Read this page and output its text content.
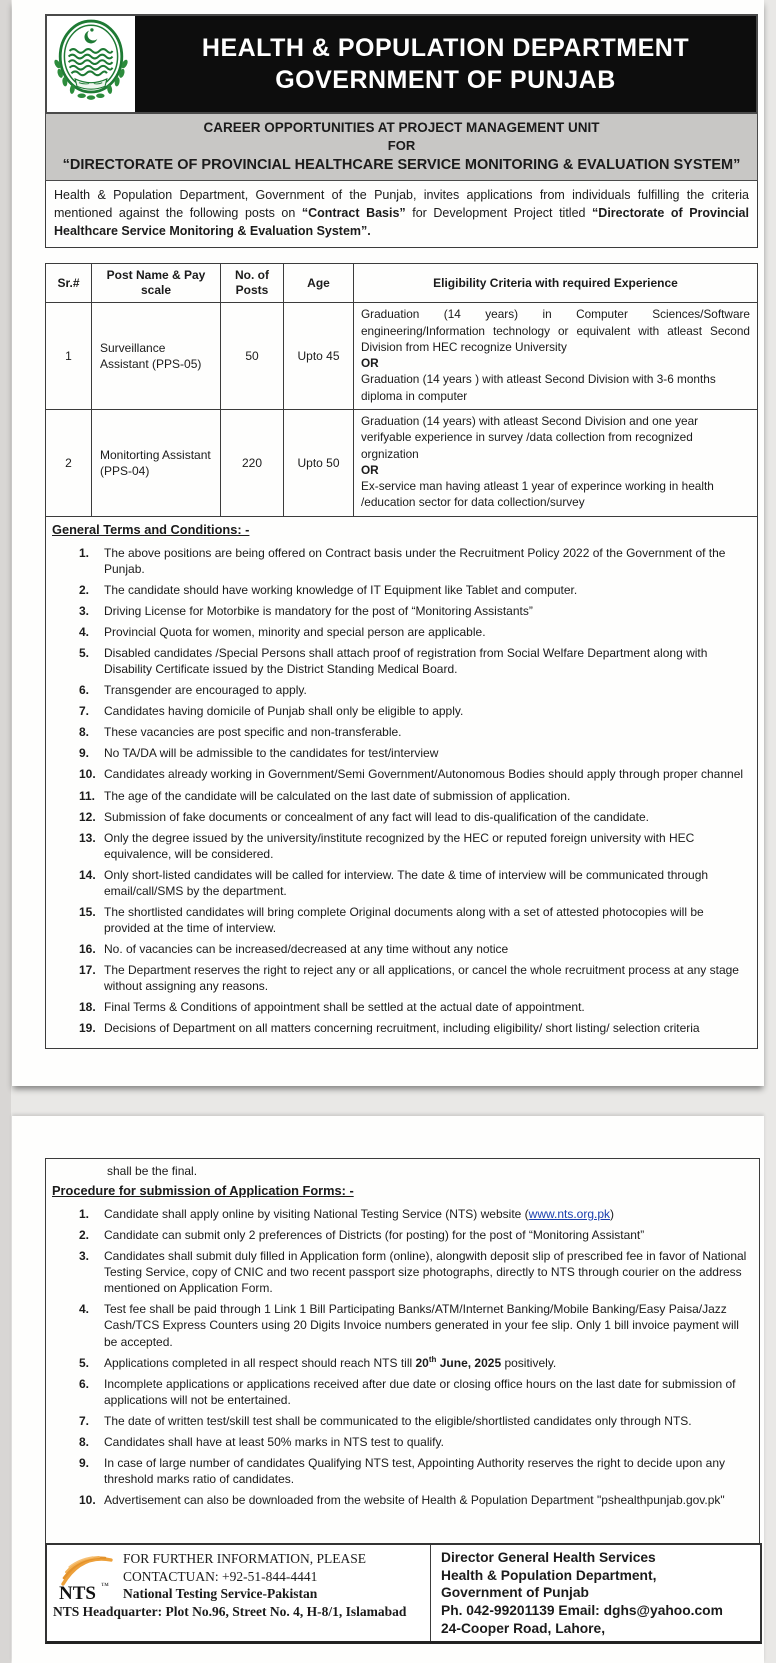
HEALTH & POPULATION DEPARTMENT
GOVERNMENT OF PUNJAB
CAREER OPPORTUNITIES AT PROJECT MANAGEMENT UNIT
FOR
“DIRECTORATE OF PROVINCIAL HEALTHCARE SERVICE MONITORING & EVALUATION SYSTEM”
Health & Population Department, Government of the Punjab, invites applications from individuals fulfilling the criteria mentioned against the following posts on “Contract Basis” for Development Project titled “Directorate of Provincial Healthcare Service Monitoring & Evaluation System”.
Sr.#	Post Name & Pay scale	No. of Posts	Age	Eligibility Criteria with required Experience
1	Surveillance Assistant (PPS-05)	50	Upto 45	Graduation (14 years) in Computer Sciences/Software engineering/Information technology or equivalent with atleast Second Division from HEC recognize University
OR
Graduation (14 years ) with atleast Second Division with 3-6 months diploma in computer

2	Monitorting Assistant (PPS-04)	220	Upto 50	Graduation (14 years) with atleast Second Division and one year verifyable experience in survey /data collection from recognized orgnization
OR
Ex-service man having atleast 1 year of experince working in health /education sector for data collection/survey
General Terms and Conditions: -
1.	The above positions are being offered on Contract basis under the Recruitment Policy 2022 of the Government of the Punjab.
2.	The candidate should have working knowledge of IT Equipment like Tablet and computer.
3.	Driving License for Motorbike is mandatory for the post of “Monitoring Assistants”
4.	Provincial Quota for women, minority and special person are applicable.
5.	Disabled candidates /Special Persons shall attach proof of registration from Social Welfare Department along with Disability Certificate issued by the District Standing Medical Board.
6.	Transgender are encouraged to apply.
7.	Candidates having domicile of Punjab shall only be eligible to apply.
8.	These vacancies are post specific and non-transferable.
9.	No TA/DA will be admissible to the candidates for test/interview
10. Candidates already working in Government/Semi Government/Autonomous Bodies should apply through proper channel
11. The age of the candidate will be calculated on the last date of submission of application.
12. Submission of fake documents or concealment of any fact will lead to dis-qualification of the candidate.
13. Only the degree issued by the university/institute recognized by the HEC or reputed foreign university with HEC equivalence, will be considered.
14. Only short-listed candidates will be called for interview. The date & time of interview will be communicated through email/call/SMS by the department.
15. The shortlisted candidates will bring complete Original documents along with a set of attested photocopies will be provided at the time of interview.
16. No. of vacancies can be increased/decreased at any time without any notice
17. The Department reserves the right to reject any or all applications, or cancel the whole recruitment process at any stage without assigning any reasons.
18. Final Terms & Conditions of appointment shall be settled at the actual date of appointment.
19. Decisions of Department on all matters concerning recruitment, including eligibility/ short listing/ selection criteria
shall be the final.
Procedure for submission of Application Forms: -
1.	Candidate shall apply online by visiting National Testing Service (NTS) website (www.nts.org.pk)
2.	Candidate can submit only 2 preferences of Districts (for posting) for the post of “Monitoring Assistant”
3.	Candidates shall submit duly filled in Application form (online), alongwith deposit slip of prescribed fee in favor of National Testing Service, copy of CNIC and two recent passport size photographs, directly to NTS through courier on the address mentioned on Application Form.
4.	Test fee shall be paid through 1 Link 1 Bill Participating Banks/ATM/Internet Banking/Mobile Banking/Easy Paisa/Jazz Cash/TCS Express Counters using 20 Digits Invoice numbers generated in your fee slip. Only 1 bill invoice payment will be accepted.
5.	Applications completed in all respect should reach NTS till 20th June, 2025 positively.
6.	Incomplete applications or applications received after due date or closing office hours on the last date for submission of applications will not be entertained.
7.	The date of written test/skill test shall be communicated to the eligible/shortlisted candidates only through NTS.
8.	Candidates shall have at least 50% marks in NTS test to qualify.
9.	In case of large number of candidates Qualifying NTS test, Appointing Authority reserves the right to decide upon any threshold marks ratio of candidates.
10. Advertisement can also be downloaded from the website of Health & Population Department "pshealthpunjab.gov.pk"
NTS ™
FOR FURTHER INFORMATION, PLEASE
CONTACTUAN: +92-51-844-4441
National Testing Service-Pakistan
NTS Headquarter: Plot No.96, Street No. 4, H-8/1, Islamabad
Director General Health Services
Health & Population Department,
Government of Punjab
Ph. 042-99201139 Email: dghs@yahoo.com
24-Cooper Road, Lahore,
